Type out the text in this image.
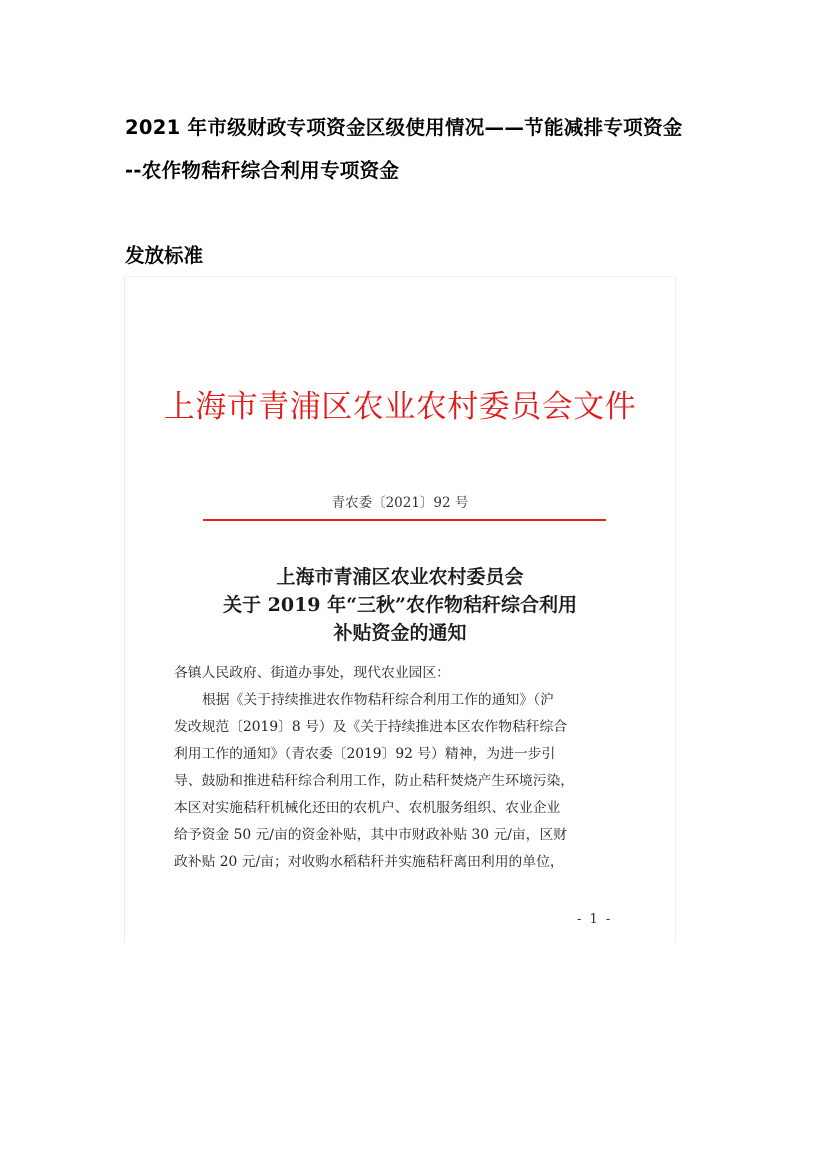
2021 年市级财政专项资金区级使用情况——节能减排专项资金
--农作物秸秆综合利用专项资金
发放标准
上海市青浦区农业农村委员会文件
青农委〔2021〕92 号
上海市青浦区农业农村委员会
关于 2019 年“三秋”农作物秸秆综合利用
补贴资金的通知
各镇人民政府、街道办事处，现代农业园区：
根据《关于持续推进农作物秸秆综合利用工作的通知》（沪
发改规范〔2019〕8 号）及《关于持续推进本区农作物秸秆综合
利用工作的通知》（青农委〔2019〕92 号）精神，为进一步引
导、鼓励和推进秸秆综合利用工作，防止秸秆焚烧产生环境污染，
本区对实施秸秆机械化还田的农机户、农机服务组织、农业企业
给予资金 50 元/亩的资金补贴，其中市财政补贴 30 元/亩，区财
政补贴 20 元/亩；对收购水稻秸秆并实施秸秆离田利用的单位，
- 1 -
